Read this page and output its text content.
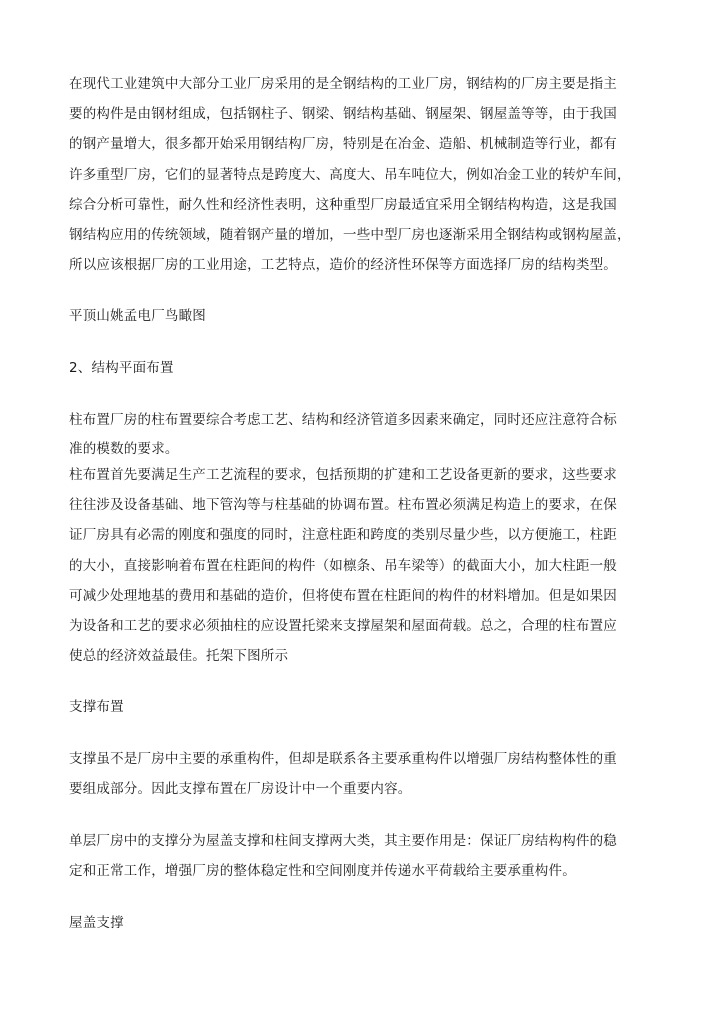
在现代工业建筑中大部分工业厂房采用的是全钢结构的工业厂房，钢结构的厂房主要是指主
要的构件是由钢材组成，包括钢柱子、钢梁、钢结构基础、钢屋架、钢屋盖等等，由于我国
的钢产量增大，很多都开始采用钢结构厂房，特别是在冶金、造船、机械制造等行业，都有
许多重型厂房，它们的显著特点是跨度大、高度大、吊车吨位大，例如冶金工业的转炉车间，
综合分析可靠性，耐久性和经济性表明，这种重型厂房最适宜采用全钢结构构造，这是我国
钢结构应用的传统领域，随着钢产量的增加，一些中型厂房也逐渐采用全钢结构或钢构屋盖，
所以应该根据厂房的工业用途，工艺特点，造价的经济性环保等方面选择厂房的结构类型。
平顶山姚孟电厂鸟瞰图
2、结构平面布置
柱布置厂房的柱布置要综合考虑工艺、结构和经济管道多因素来确定，同时还应注意符合标
准的模数的要求。
柱布置首先要满足生产工艺流程的要求，包括预期的扩建和工艺设备更新的要求，这些要求
往往涉及设备基础、地下管沟等与柱基础的协调布置。柱布置必须满足构造上的要求，在保
证厂房具有必需的刚度和强度的同时，注意柱距和跨度的类别尽量少些，以方便施工，柱距
的大小，直接影响着布置在柱距间的构件（如檩条、吊车梁等）的截面大小，加大柱距一般
可减少处理地基的费用和基础的造价，但将使布置在柱距间的构件的材料增加。但是如果因
为设备和工艺的要求必须抽柱的应设置托梁来支撑屋架和屋面荷载。总之，合理的柱布置应
使总的经济效益最佳。托架下图所示
支撑布置
支撑虽不是厂房中主要的承重构件，但却是联系各主要承重构件以增强厂房结构整体性的重
要组成部分。因此支撑布置在厂房设计中一个重要内容。
单层厂房中的支撑分为屋盖支撑和柱间支撑两大类，其主要作用是：保证厂房结构构件的稳
定和正常工作，增强厂房的整体稳定性和空间刚度并传递水平荷载给主要承重构件。
屋盖支撑
